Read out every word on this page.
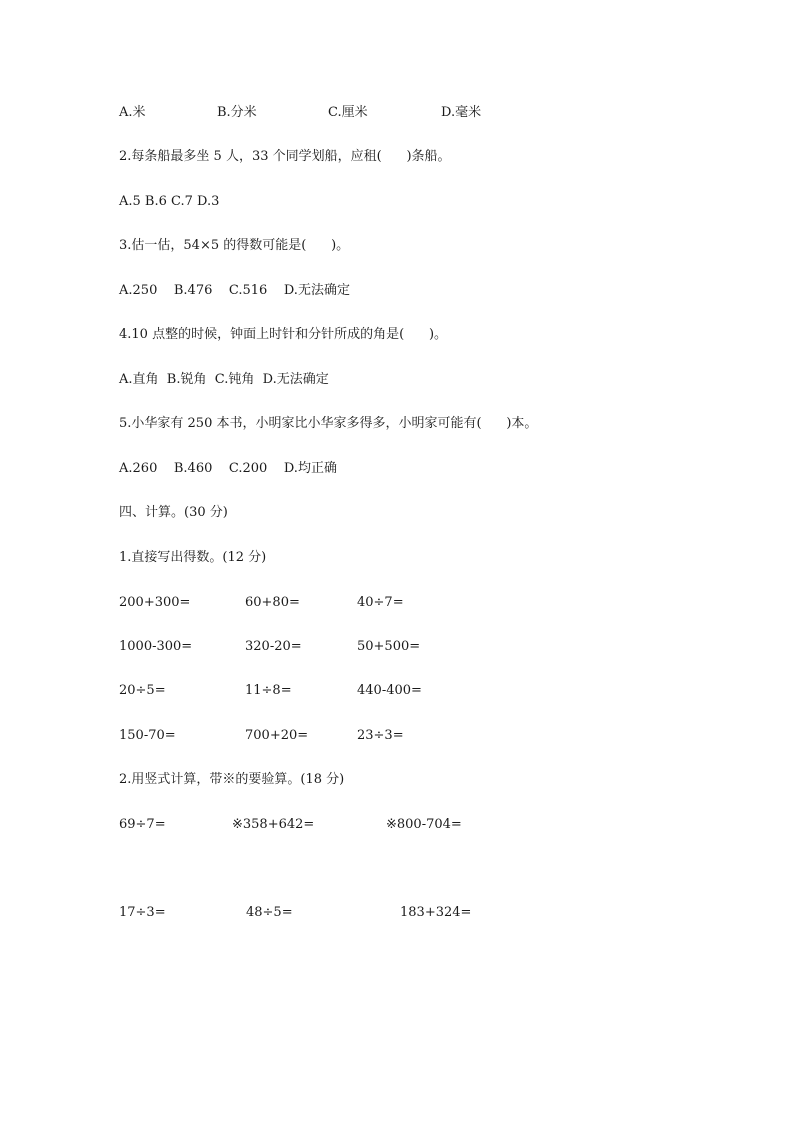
A.米	B.分米	C.厘米	D.毫米
2.每条船最多坐 5 人，33 个同学划船，应租(      )条船。
A.5 B.6 C.7 D.3
3.估一估，54×5 的得数可能是(      )。
A.250    B.476    C.516    D.无法确定
4.10 点整的时候，钟面上时针和分针所成的角是(      )。
A.直角  B.锐角  C.钝角  D.无法确定
5.小华家有 250 本书，小明家比小华家多得多，小明家可能有(      )本。
A.260    B.460    C.200    D.均正确
四、计算。(30 分)
1.直接写出得数。(12 分)
200+300=	60+80=	40÷7=
1000-300=	320-20=	50+500=
20÷5=	11÷8=	440-400=
150-70=	700+20=	23÷3=
2.用竖式计算，带※的要验算。(18 分)
69÷7=	※358+642=	※800-704=
17÷3=	48÷5=	183+324=
